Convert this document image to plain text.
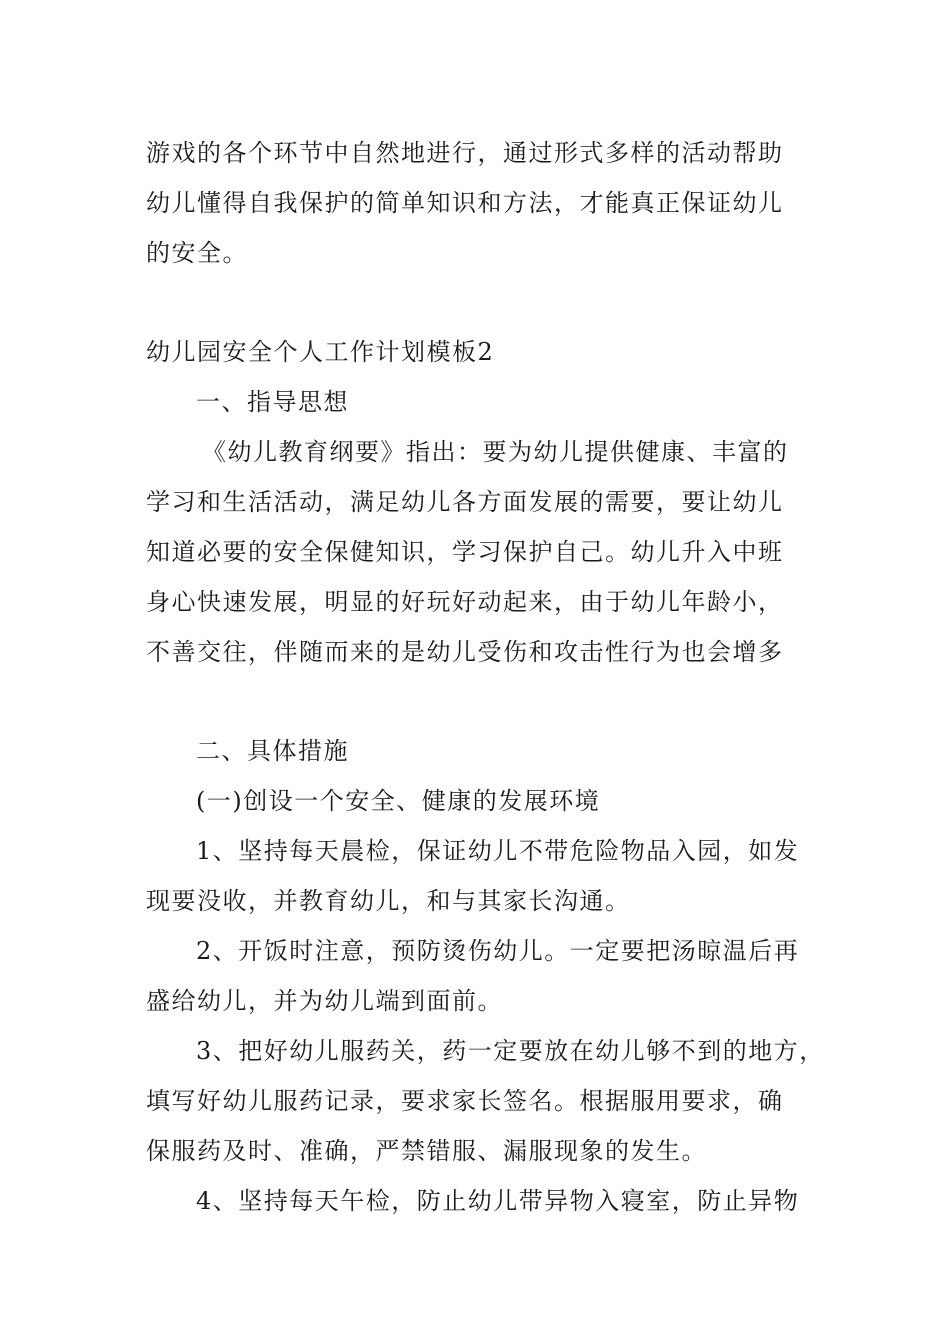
游戏的各个环节中自然地进行，通过形式多样的活动帮助
幼儿懂得自我保护的简单知识和方法，才能真正保证幼儿
的安全。
幼儿园安全个人工作计划模板2
一、指导思想
《幼儿教育纲要》指出：要为幼儿提供健康、丰富的
学习和生活活动，满足幼儿各方面发展的需要，要让幼儿
知道必要的安全保健知识，学习保护自己。幼儿升入中班
身心快速发展，明显的好玩好动起来，由于幼儿年龄小，
不善交往，伴随而来的是幼儿受伤和攻击性行为也会增多
二、具体措施
(一)创设一个安全、健康的发展环境
1、坚持每天晨检，保证幼儿不带危险物品入园，如发
现要没收，并教育幼儿，和与其家长沟通。
2、开饭时注意，预防烫伤幼儿。一定要把汤晾温后再
盛给幼儿，并为幼儿端到面前。
3、把好幼儿服药关，药一定要放在幼儿够不到的地方，
填写好幼儿服药记录，要求家长签名。根据服用要求，确
保服药及时、准确，严禁错服、漏服现象的发生。
4、坚持每天午检，防止幼儿带异物入寝室，防止异物
